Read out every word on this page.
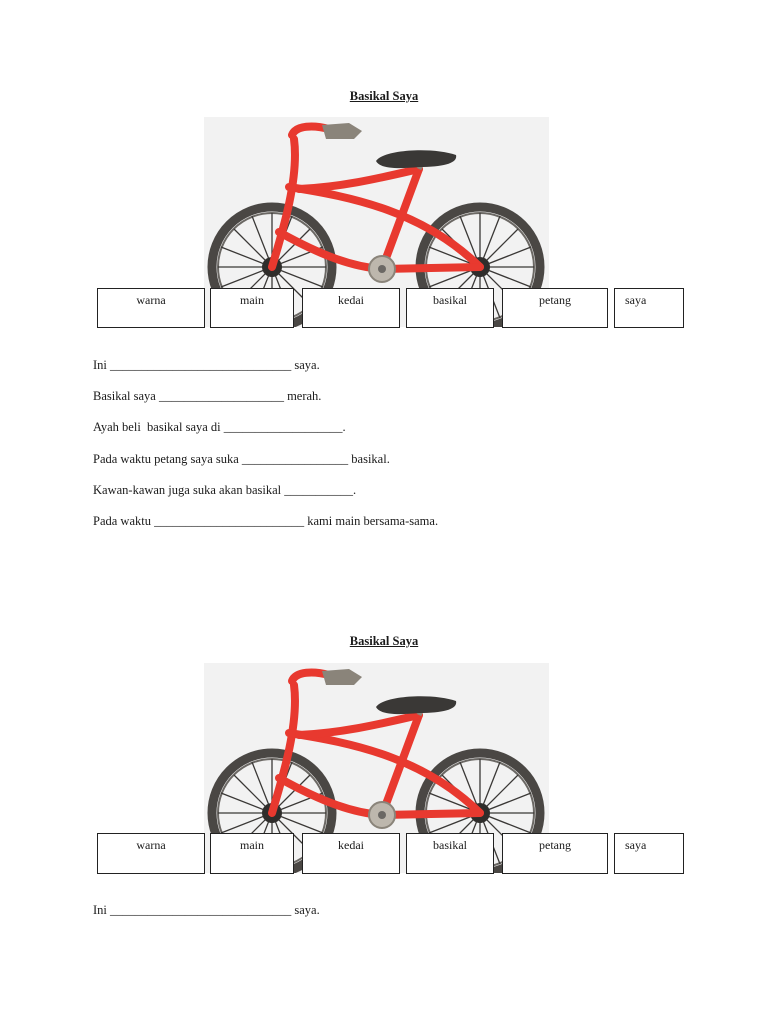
Basikal Saya
warna	main	kedai	basikal	petang	saya
Ini _____________________________ saya.
Basikal saya ____________________ merah.
Ayah beli  basikal saya di ___________________.
Pada waktu petang saya suka _________________ basikal.
Kawan-kawan juga suka akan basikal ___________.
Pada waktu ________________________ kami main bersama-sama.
Basikal Saya
warna	main	kedai	basikal	petang	saya
Ini _____________________________ saya.
